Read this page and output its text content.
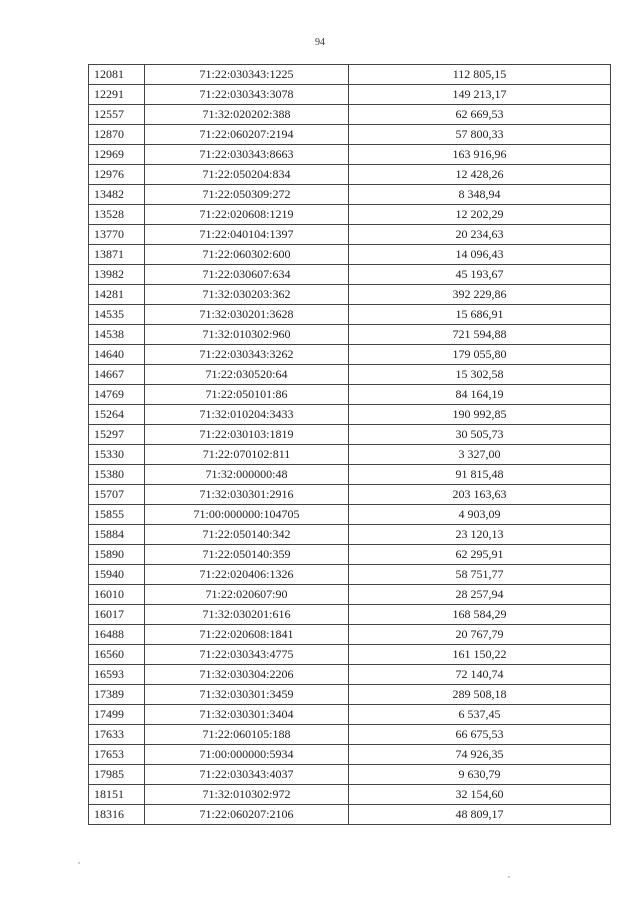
94
12081	71:22:030343:1225	112 805,15
12291	71:22:030343:3078	149 213,17
12557	71:32:020202:388	62 669,53
12870	71:22:060207:2194	57 800,33
12969	71:22:030343:8663	163 916,96
12976	71:22:050204:834	12 428,26
13482	71:22:050309:272	8 348,94
13528	71:22:020608:1219	12 202,29
13770	71:22:040104:1397	20 234,63
13871	71:22:060302:600	14 096,43
13982	71:22:030607:634	45 193,67
14281	71:32:030203:362	392 229,86
14535	71:32:030201:3628	15 686,91
14538	71:32:010302:960	721 594,88
14640	71:22:030343:3262	179 055,80
14667	71:22:030520:64	15 302,58
14769	71:22:050101:86	84 164,19
15264	71:32:010204:3433	190 992,85
15297	71:22:030103:1819	30 505,73
15330	71:22:070102:811	3 327,00
15380	71:32:000000:48	91 815,48
15707	71:32:030301:2916	203 163,63
15855	71:00:000000:104705	4 903,09
15884	71:22:050140:342	23 120,13
15890	71:22:050140:359	62 295,91
15940	71:22:020406:1326	58 751,77
16010	71:22:020607:90	28 257,94
16017	71:32:030201:616	168 584,29
16488	71:22:020608:1841	20 767,79
16560	71:22:030343:4775	161 150,22
16593	71:32:030304:2206	72 140,74
17389	71:32:030301:3459	289 508,18
17499	71:32:030301:3404	6 537,45
17633	71:22:060105:188	66 675,53
17653	71:00:000000:5934	74 926,35
17985	71:22:030343:4037	9 630,79
18151	71:32:010302:972	32 154,60
18316	71:22:060207:2106	48 809,17
